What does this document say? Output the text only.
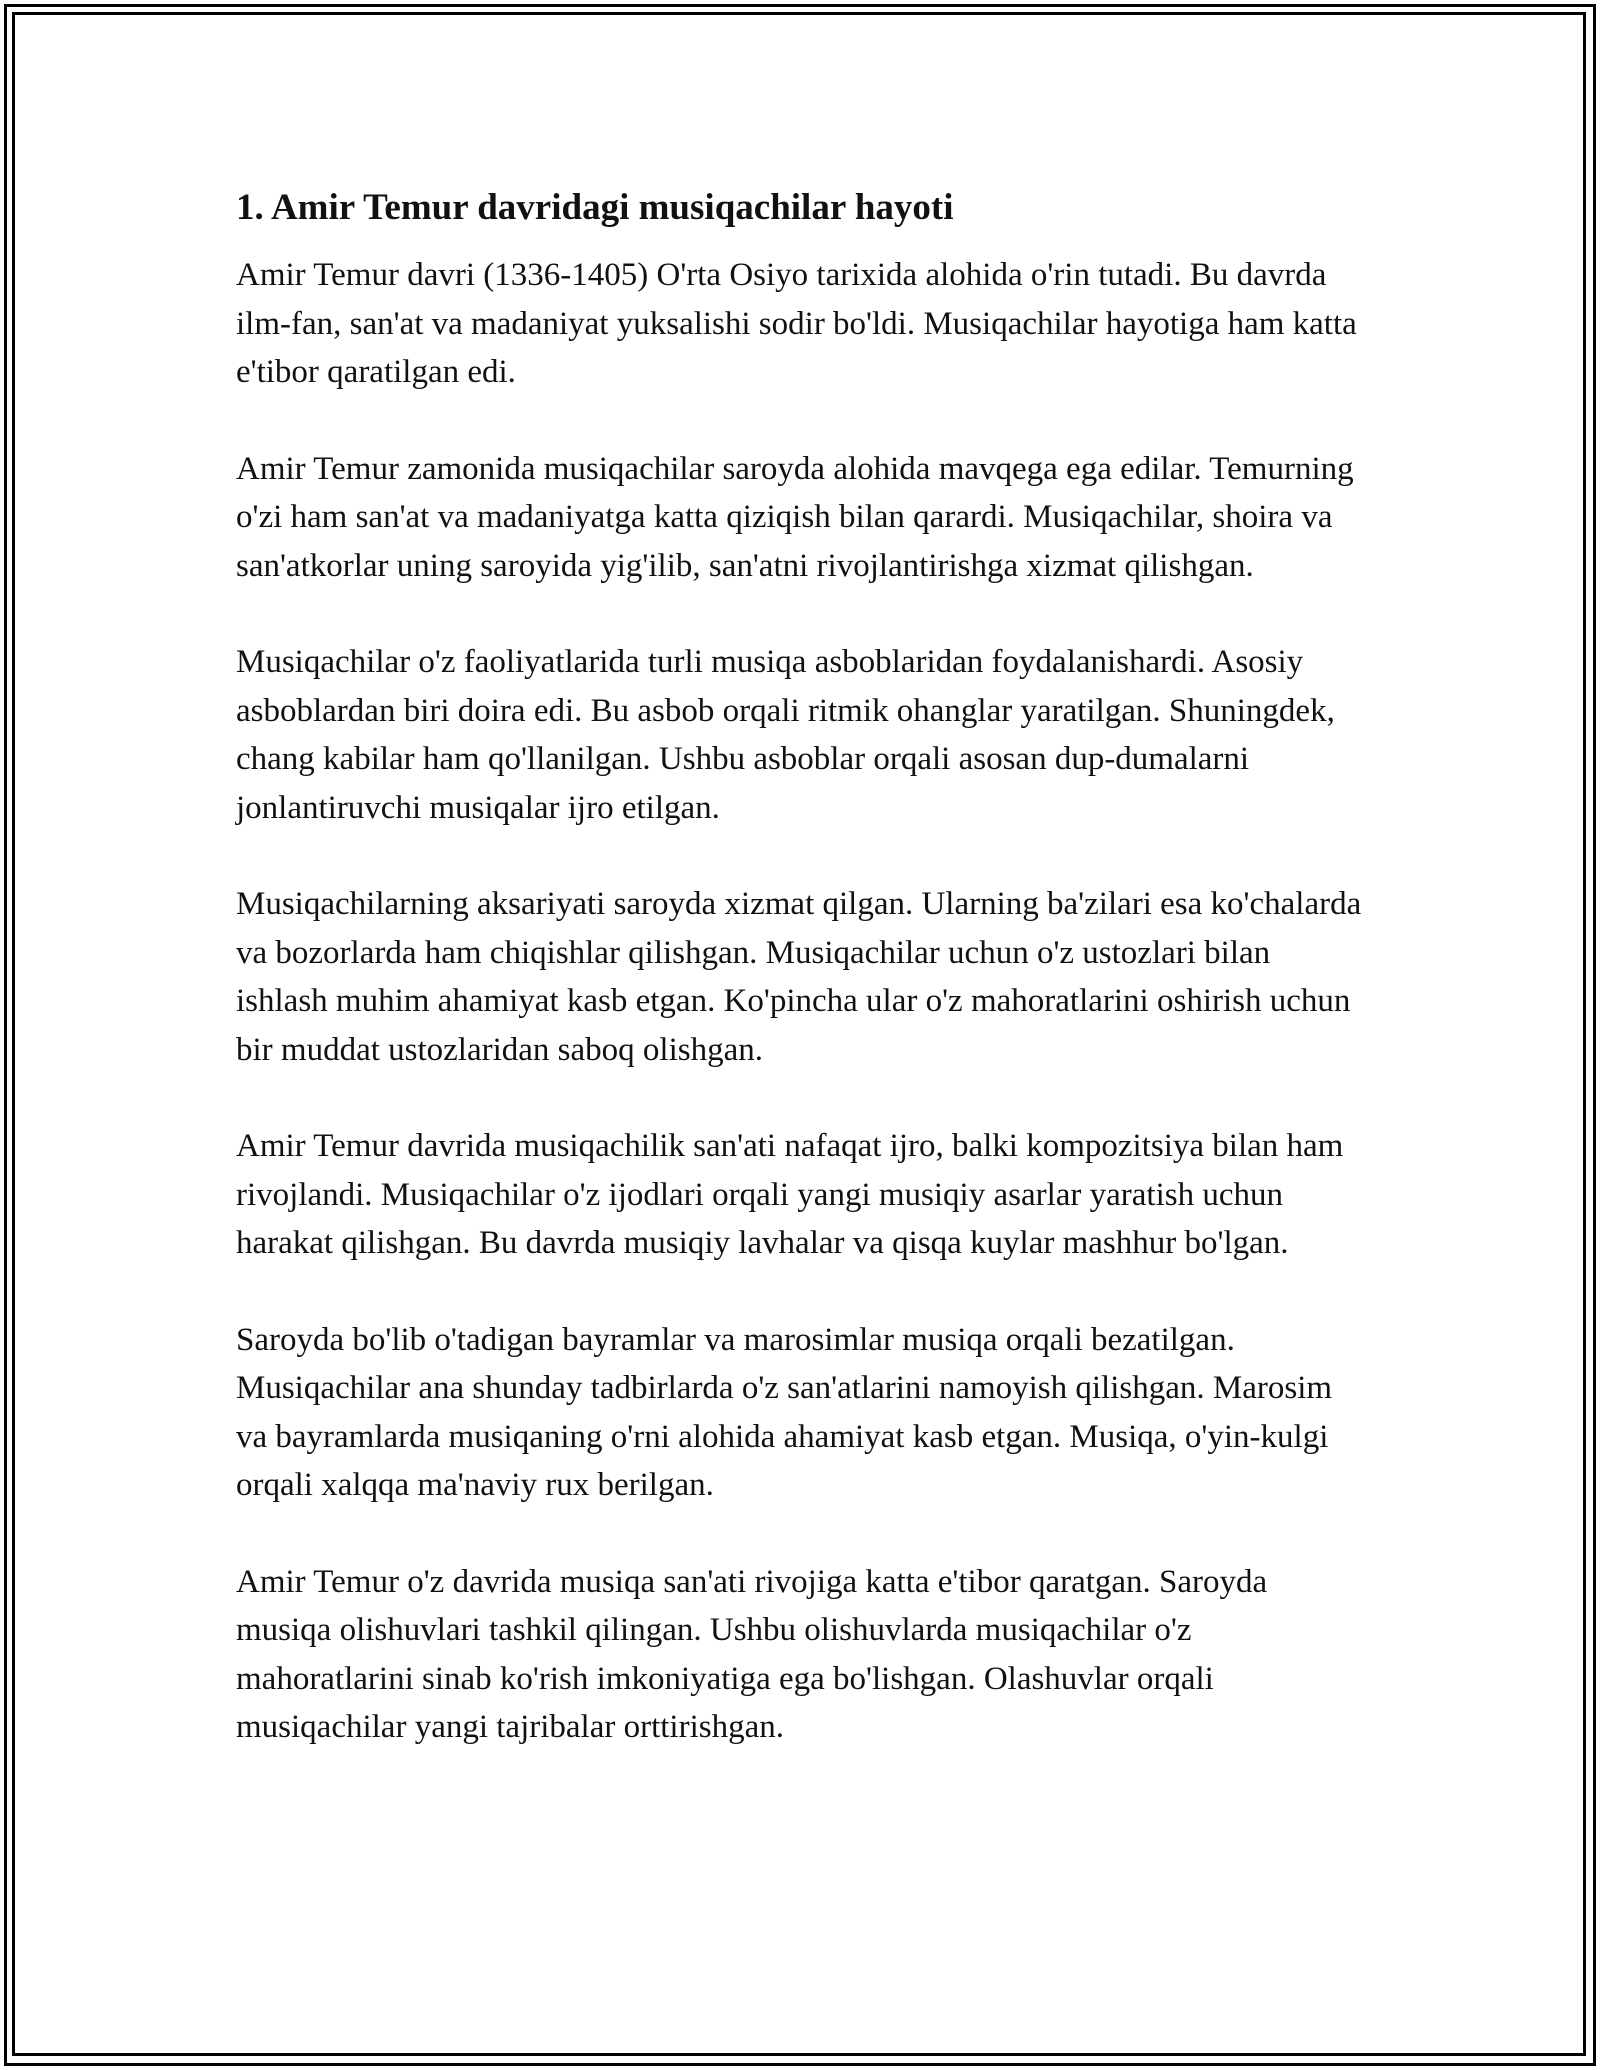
1. Amir Temur davridagi musiqachilar hayoti

Amir Temur davri (1336-1405) O'rta Osiyo tarixida alohida o'rin tutadi. Bu davrda ilm-fan, san'at va madaniyat yuksalishi sodir bo'ldi. Musiqachilar hayotiga ham katta e'tibor qaratilgan edi.

Amir Temur zamonida musiqachilar saroyda alohida mavqega ega edilar. Temurning o'zi ham san'at va madaniyatga katta qiziqish bilan qarardi. Musiqachilar, shoira va san'atkorlar uning saroyida yig'ilib, san'atni rivojlantirishga xizmat qilishgan.

Musiqachilar o'z faoliyatlarida turli musiqa asboblaridan foydalanishardi. Asosiy asboblardan biri doira edi. Bu asbob orqali ritmik ohanglar yaratilgan. Shuningdek, chang kabilar ham qo'llanilgan. Ushbu asboblar orqali asosan dup-dumalarni jonlantiruvchi musiqalar ijro etilgan.

Musiqachilarning aksariyati saroyda xizmat qilgan. Ularning ba'zilari esa ko'chalarda va bozorlarda ham chiqishlar qilishgan. Musiqachilar uchun o'z ustozlari bilan ishlash muhim ahamiyat kasb etgan. Ko'pincha ular o'z mahoratlarini oshirish uchun bir muddat ustozlaridan saboq olishgan.

Amir Temur davrida musiqachilik san'ati nafaqat ijro, balki kompozitsiya bilan ham rivojlandi. Musiqachilar o'z ijodlari orqali yangi musiqiy asarlar yaratish uchun harakat qilishgan. Bu davrda musiqiy lavhalar va qisqa kuylar mashhur bo'lgan.

Saroyda bo'lib o'tadigan bayramlar va marosimlar musiqa orqali bezatilgan. Musiqachilar ana shunday tadbirlarda o'z san'atlarini namoyish qilishgan. Marosim va bayramlarda musiqaning o'rni alohida ahamiyat kasb etgan. Musiqa, o'yin-kulgi orqali xalqqa ma'naviy rux berilgan.

Amir Temur o'z davrida musiqa san'ati rivojiga katta e'tibor qaratgan. Saroyda musiqa olishuvlari tashkil qilingan. Ushbu olishuvlarda musiqachilar o'z mahoratlarini sinab ko'rish imkoniyatiga ega bo'lishgan. Olashuvlar orqali musiqachilar yangi tajribalar orttirishgan.
